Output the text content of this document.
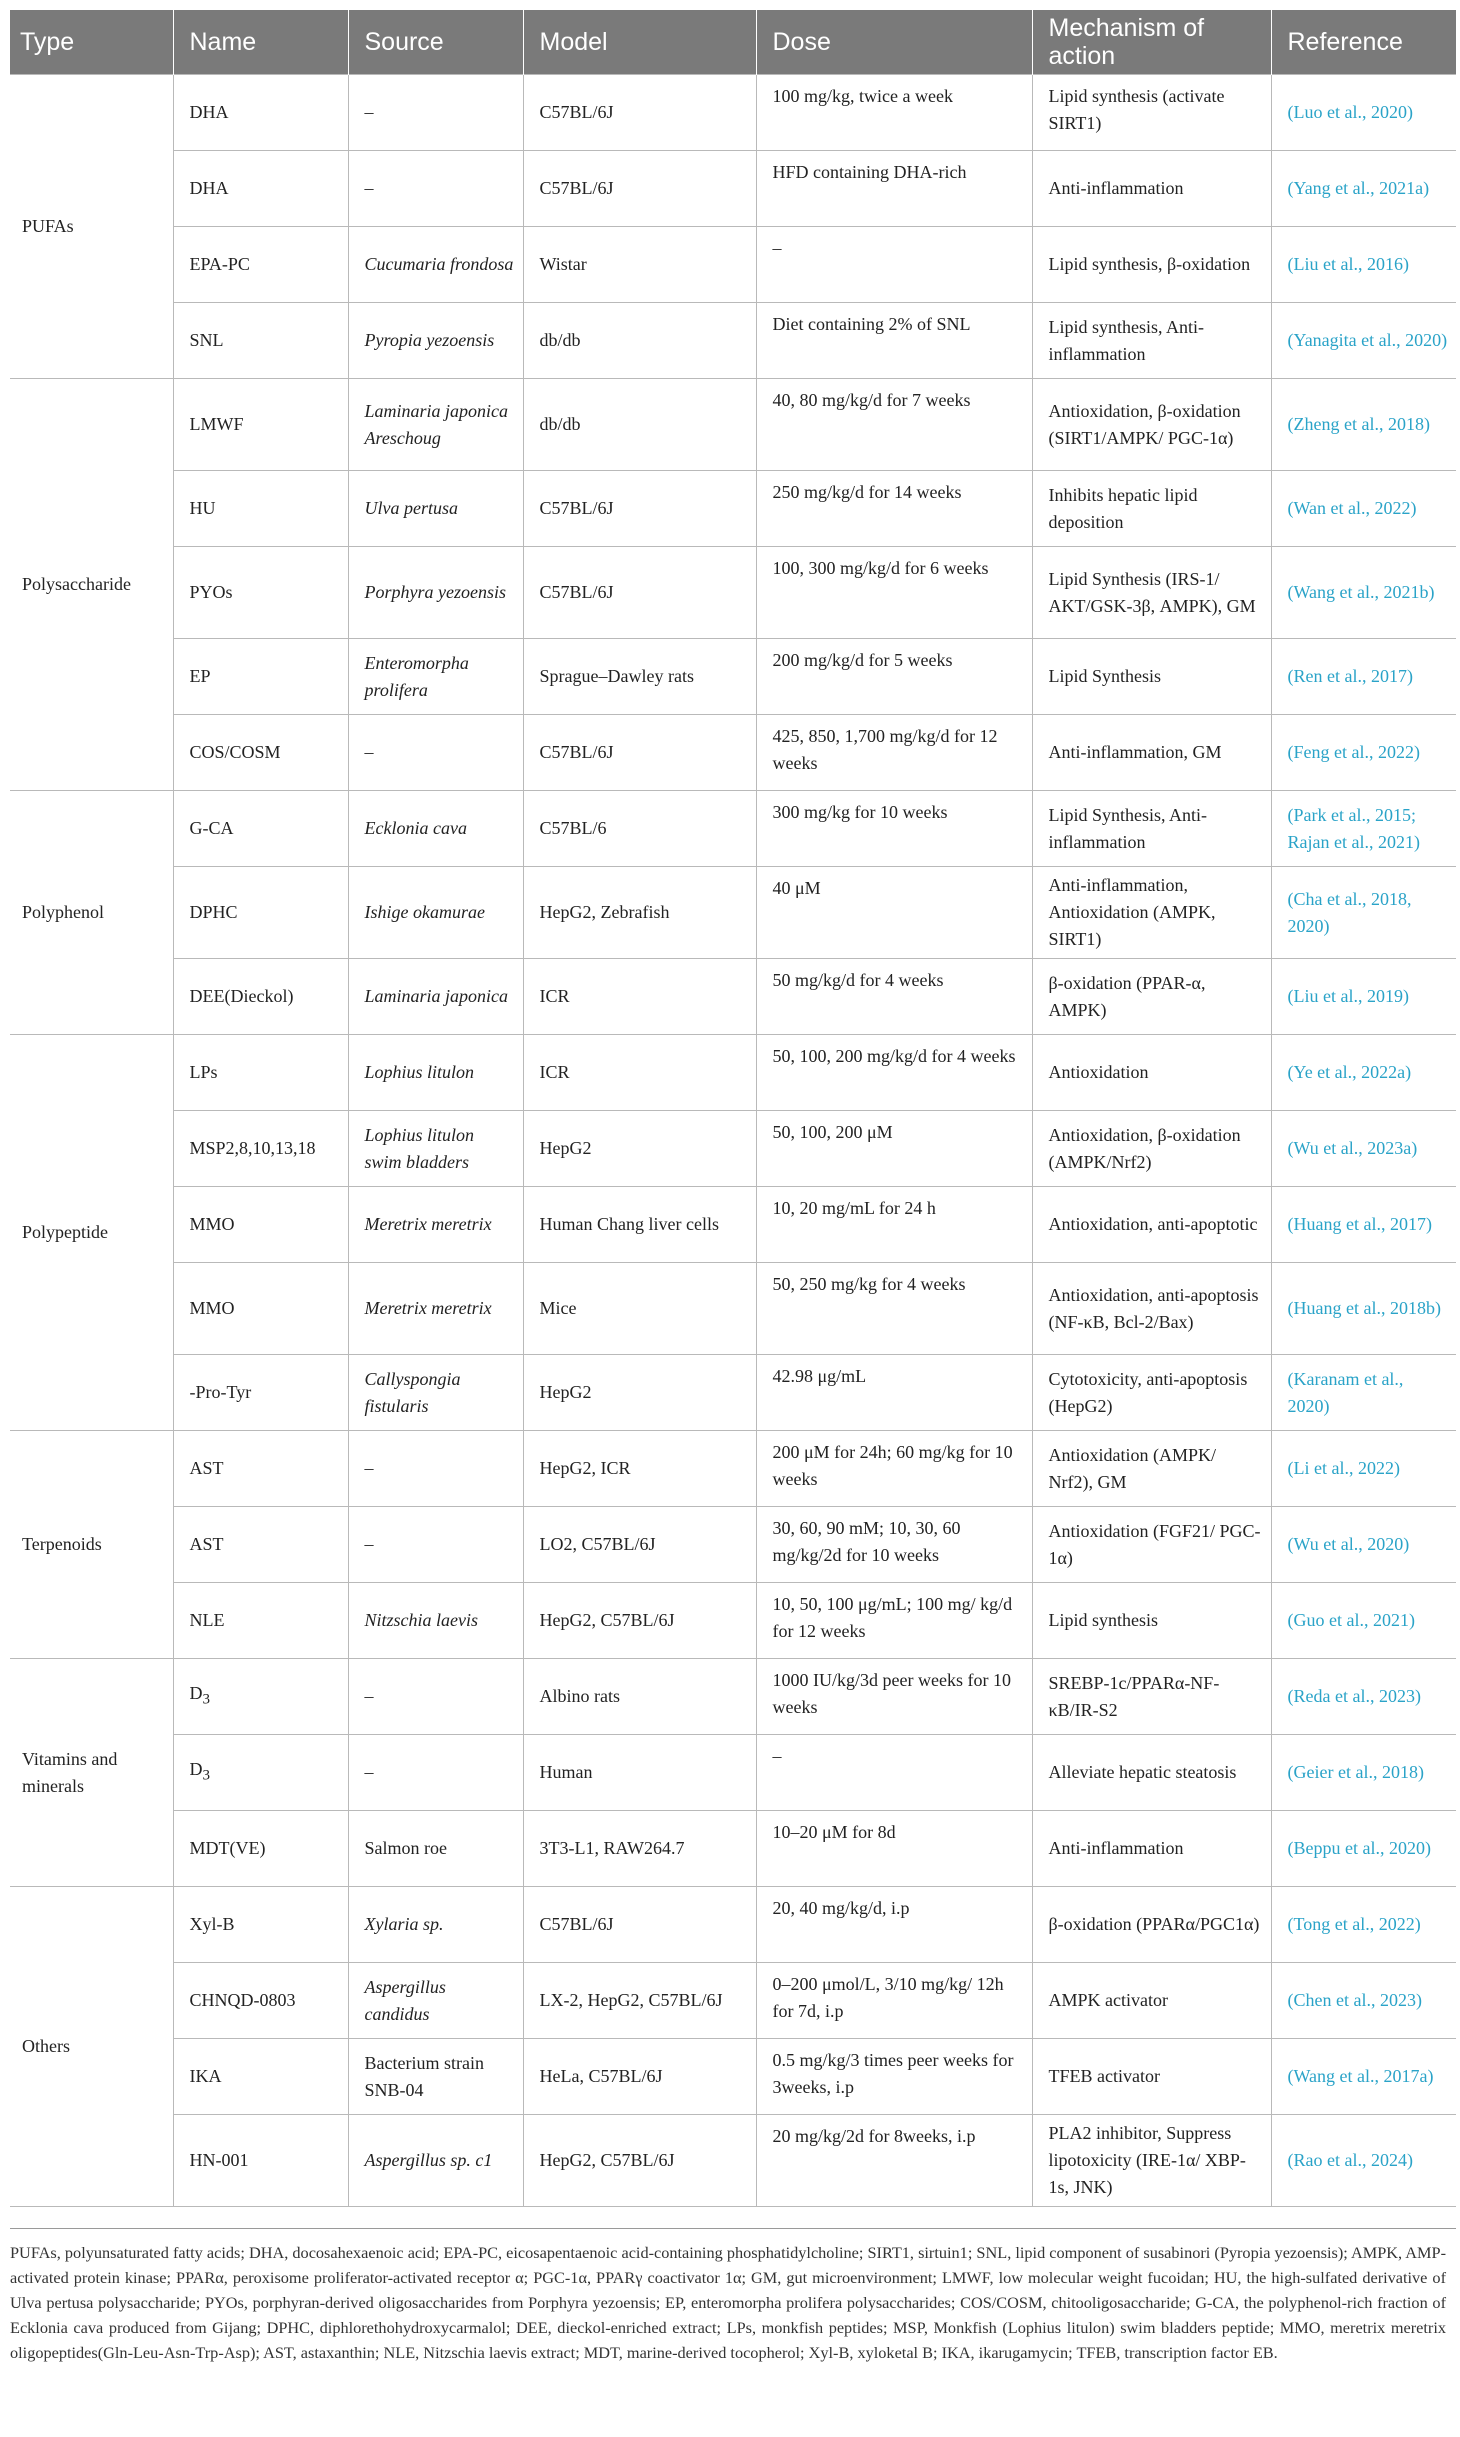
Type	Name	Source	Model	Dose	Mechanism of action	Reference
PUFAs	DHA	–	C57BL/6J	100 mg/kg, twice a week	Lipid synthesis (activate SIRT1)	(Luo et al., 2020)
	DHA	–	C57BL/6J	HFD containing DHA-rich	Anti-inflammation	(Yang et al., 2021a)
	EPA-PC	Cucumaria frondosa	Wistar	–	Lipid synthesis, β-oxidation	(Liu et al., 2016)
	SNL	Pyropia yezoensis	db/db	Diet containing 2% of SNL	Lipid synthesis, Anti-inflammation	(Yanagita et al., 2020)
Polysaccharide	LMWF	Laminaria japonica Areschoug	db/db	40, 80 mg/kg/d for 7 weeks	Antioxidation, β-oxidation (SIRT1/AMPK/ PGC-1α)	(Zheng et al., 2018)
	HU	Ulva pertusa	C57BL/6J	250 mg/kg/d for 14 weeks	Inhibits hepatic lipid deposition	(Wan et al., 2022)
	PYOs	Porphyra yezoensis	C57BL/6J	100, 300 mg/kg/d for 6 weeks	Lipid Synthesis (IRS-1/ AKT/GSK-3β, AMPK), GM	(Wang et al., 2021b)
	EP	Enteromorpha prolifera	Sprague–Dawley rats	200 mg/kg/d for 5 weeks	Lipid Synthesis	(Ren et al., 2017)
	COS/COSM	–	C57BL/6J	425, 850, 1,700 mg/kg/d for 12 weeks	Anti-inflammation, GM	(Feng et al., 2022)
Polyphenol	G-CA	Ecklonia cava	C57BL/6	300 mg/kg for 10 weeks	Lipid Synthesis, Anti-inflammation	(Park et al., 2015; Rajan et al., 2021)
	DPHC	Ishige okamurae	HepG2, Zebrafish	40 μM	Anti-inflammation, Antioxidation (AMPK, SIRT1)	(Cha et al., 2018, 2020)
	DEE(Dieckol)	Laminaria japonica	ICR	50 mg/kg/d for 4 weeks	β-oxidation (PPAR-α, AMPK)	(Liu et al., 2019)
Polypeptide	LPs	Lophius litulon	ICR	50, 100, 200 mg/kg/d for 4 weeks	Antioxidation	(Ye et al., 2022a)
	MSP2,8,10,13,18	Lophius litulon swim bladders	HepG2	50, 100, 200 μM	Antioxidation, β-oxidation (AMPK/Nrf2)	(Wu et al., 2023a)
	MMO	Meretrix meretrix	Human Chang liver cells	10, 20 mg/mL for 24 h	Antioxidation, anti-apoptotic	(Huang et al., 2017)
	MMO	Meretrix meretrix	Mice	50, 250 mg/kg for 4 weeks	Antioxidation, anti-apoptosis (NF-κB, Bcl-2/Bax)	(Huang et al., 2018b)
	-Pro-Tyr	Callyspongia fistularis	HepG2	42.98 μg/mL	Cytotoxicity, anti-apoptosis (HepG2)	(Karanam et al., 2020)
Terpenoids	AST	–	HepG2, ICR	200 μM for 24h; 60 mg/kg for 10 weeks	Antioxidation (AMPK/ Nrf2), GM	(Li et al., 2022)
	AST	–	LO2, C57BL/6J	30, 60, 90 mM; 10, 30, 60 mg/kg/2d for 10 weeks	Antioxidation (FGF21/ PGC-1α)	(Wu et al., 2020)
	NLE	Nitzschia laevis	HepG2, C57BL/6J	10, 50, 100 μg/mL; 100 mg/ kg/d for 12 weeks	Lipid synthesis	(Guo et al., 2021)
Vitamins and minerals	$D_3$	–	Albino rats	1000 IU/kg/3d peer weeks for 10 weeks	SREBP-1c/PPARα-NF-κB/IR-S2	(Reda et al., 2023)
	$D_3$	–	Human	–	Alleviate hepatic steatosis	(Geier et al., 2018)
	MDT(VE)	Salmon roe	3T3-L1, RAW264.7	10–20 μM for 8d	Anti-inflammation	(Beppu et al., 2020)
Others	Xyl-B	Xylaria sp.	C57BL/6J	20, 40 mg/kg/d, i.p	β-oxidation (PPARα/PGC1α)	(Tong et al., 2022)
	CHNQD-0803	Aspergillus candidus	LX-2, HepG2, C57BL/6J	0–200 μmol/L, 3/10 mg/kg/ 12h for 7d, i.p	AMPK activator	(Chen et al., 2023)
	IKA	Bacterium strain SNB-04	HeLa, C57BL/6J	0.5 mg/kg/3 times peer weeks for 3weeks, i.p	TFEB activator	(Wang et al., 2017a)
	HN-001	Aspergillus sp. c1	HepG2, C57BL/6J	20 mg/kg/2d for 8weeks, i.p	PLA2 inhibitor, Suppress lipotoxicity (IRE-1α/ XBP-1s, JNK)	(Rao et al., 2024)
PUFAs, polyunsaturated fatty acids; DHA, docosahexaenoic acid; EPA-PC, eicosapentaenoic acid-containing phosphatidylcholine; SIRT1, sirtuin1; SNL, lipid component of susabinori (Pyropia yezoensis); AMPK, AMP-activated protein kinase; PPARα, peroxisome proliferator-activated receptor α; PGC-1α, PPARγ coactivator 1α; GM, gut microenvironment; LMWF, low molecular weight fucoidan; HU, the high-sulfated derivative of Ulva pertusa polysaccharide; PYOs, porphyran-derived oligosaccharides from Porphyra yezoensis; EP, enteromorpha prolifera polysaccharides; COS/COSM, chitooligosaccharide; G-CA, the polyphenol-rich fraction of Ecklonia cava produced from Gijang; DPHC, diphlorethohydroxycarmalol; DEE, dieckol-enriched extract; LPs, monkfish peptides; MSP, Monkfish (Lophius litulon) swim bladders peptide; MMO, meretrix meretrix oligopeptides(Gln-Leu-Asn-Trp-Asp); AST, astaxanthin; NLE, Nitzschia laevis extract; MDT, marine-derived tocopherol; Xyl-B, xyloketal B; IKA, ikarugamycin; TFEB, transcription factor EB.
